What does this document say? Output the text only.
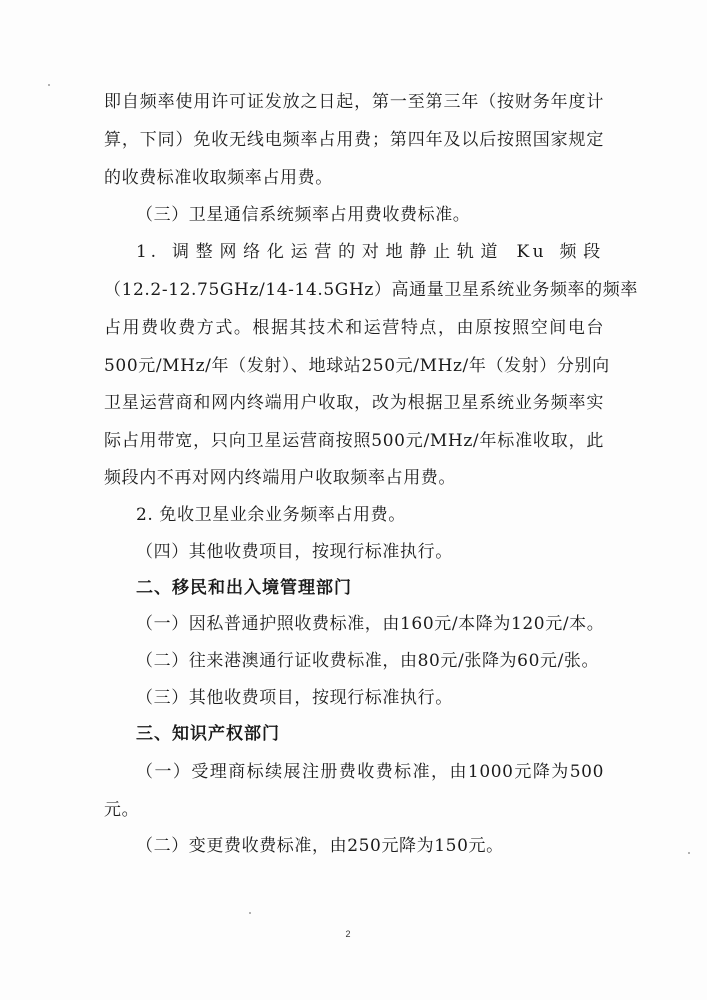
即自频率使用许可证发放之日起，第一至第三年（按财务年度计
算，下同）免收无线电频率占用费；第四年及以后按照国家规定
的收费标准收取频率占用费。
（三）卫星通信系统频率占用费收费标准。
1. 调整网络化运营的对地静止轨道 Ku 频段
（12.2-12.75GHz/14-14.5GHz）高通量卫星系统业务频率的频率
占用费收费方式。根据其技术和运营特点，由原按照空间电台
500元/MHz/年（发射）、地球站250元/MHz/年（发射）分别向
卫星运营商和网内终端用户收取，改为根据卫星系统业务频率实
际占用带宽，只向卫星运营商按照500元/MHz/年标准收取，此
频段内不再对网内终端用户收取频率占用费。
2. 免收卫星业余业务频率占用费。
（四）其他收费项目，按现行标准执行。
二、移民和出入境管理部门
（一）因私普通护照收费标准，由160元/本降为120元/本。
（二）往来港澳通行证收费标准，由80元/张降为60元/张。
（三）其他收费项目，按现行标准执行。
三、知识产权部门
（一）受理商标续展注册费收费标准，由1000元降为500
元。
（二）变更费收费标准，由250元降为150元。
2
